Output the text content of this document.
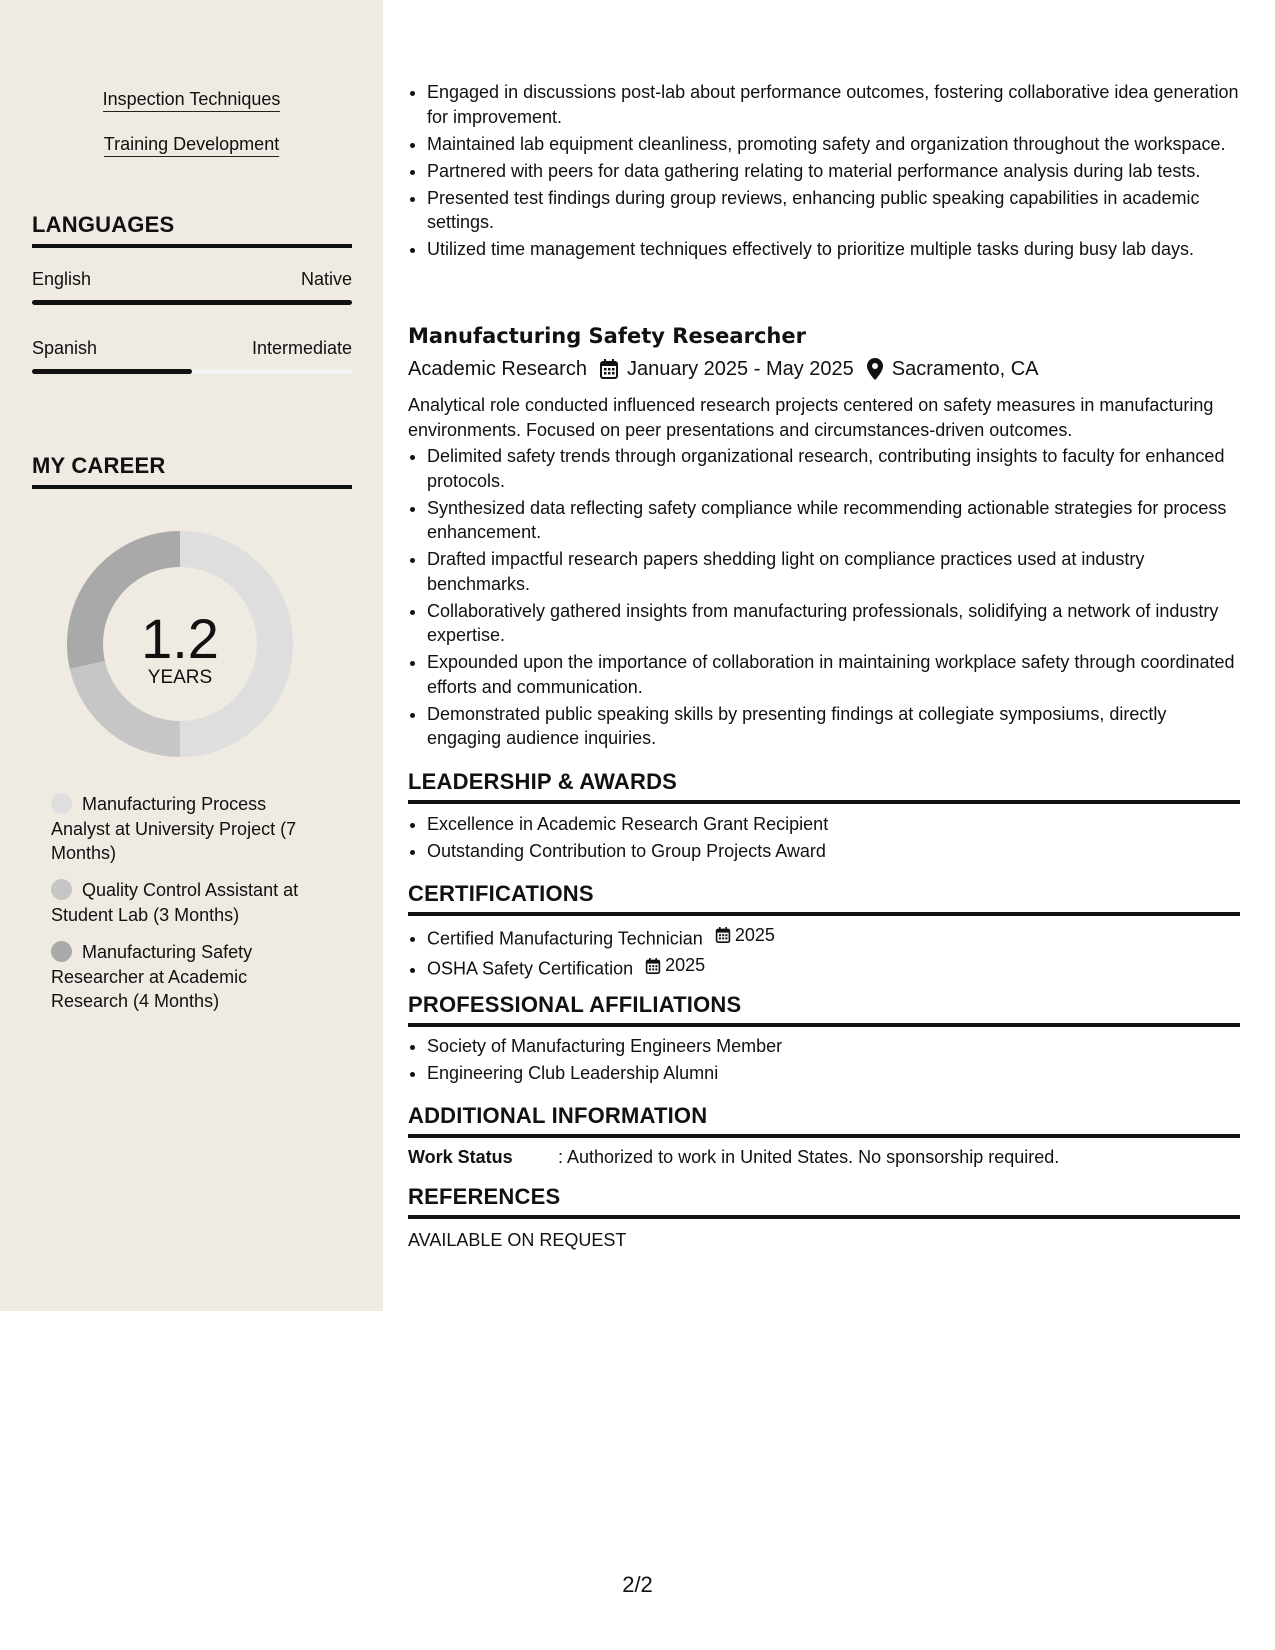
Inspection Techniques
Training Development
LANGUAGES
English	Native
Spanish	Intermediate
MY CAREER
1.2
YEARS
Manufacturing Process Analyst at University Project (7 Months)
Quality Control Assistant at Student Lab (3 Months)
Manufacturing Safety Researcher at Academic Research (4 Months)
• Engaged in discussions post-lab about performance outcomes, fostering collaborative idea generation for improvement.
• Maintained lab equipment cleanliness, promoting safety and organization throughout the workspace.
• Partnered with peers for data gathering relating to material performance analysis during lab tests.
• Presented test findings during group reviews, enhancing public speaking capabilities in academic settings.
• Utilized time management techniques effectively to prioritize multiple tasks during busy lab days.
Manufacturing Safety Researcher
Academic Research January 2025 - May 2025 Sacramento, CA
Analytical role conducted influenced research projects centered on safety measures in manufacturing environments. Focused on peer presentations and circumstances-driven outcomes.
• Delimited safety trends through organizational research, contributing insights to faculty for enhanced protocols.
• Synthesized data reflecting safety compliance while recommending actionable strategies for process enhancement.
• Drafted impactful research papers shedding light on compliance practices used at industry benchmarks.
• Collaboratively gathered insights from manufacturing professionals, solidifying a network of industry expertise.
• Expounded upon the importance of collaboration in maintaining workplace safety through coordinated efforts and communication.
• Demonstrated public speaking skills by presenting findings at collegiate symposiums, directly engaging audience inquiries.
LEADERSHIP & AWARDS
• Excellence in Academic Research Grant Recipient
• Outstanding Contribution to Group Projects Award
CERTIFICATIONS
• Certified Manufacturing Technician 2025
• OSHA Safety Certification 2025
PROFESSIONAL AFFILIATIONS
• Society of Manufacturing Engineers Member
• Engineering Club Leadership Alumni
ADDITIONAL INFORMATION
Work Status	: Authorized to work in United States. No sponsorship required.
REFERENCES
AVAILABLE ON REQUEST
2/2
